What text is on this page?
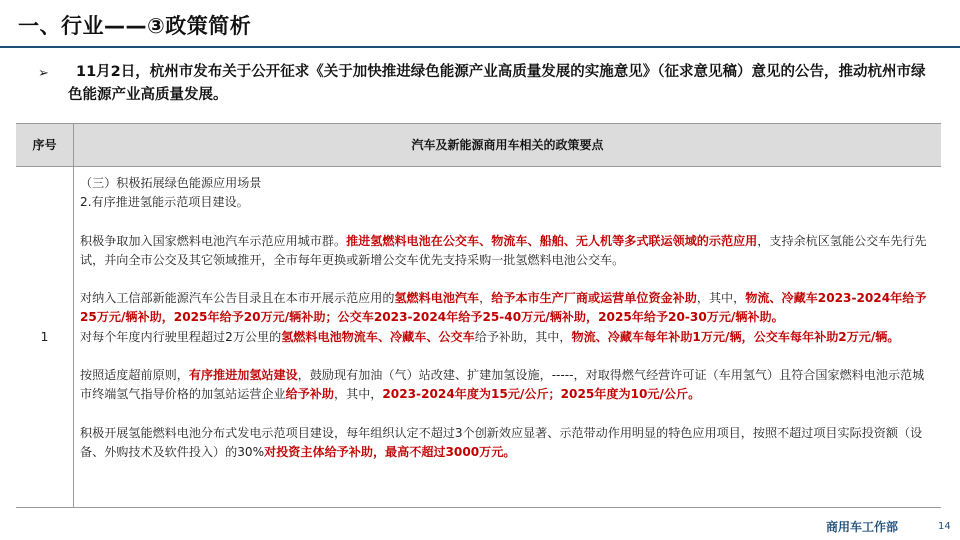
一、行业——③政策简析
➢	11月2日，杭州市发布关于公开征求《关于加快推进绿色能源产业高质量发展的实施意见》（征求意见稿）意见的公告，推动杭州市绿色能源产业高质量发展。
序号	汽车及新能源商用车相关的政策要点
1

（三）积极拓展绿色能源应用场景

2.有序推进氢能示范项目建设。

积极争取加入国家燃料电池汽车示范应用城市群。推进氢燃料电池在公交车、物流车、船舶、无人机等多式联运领域的示范应用，支持余杭区氢能公交车先行先试，并向全市公交及其它领域推开，全市每年更换或新增公交车优先支持采购一批氢燃料电池公交车。

对纳入工信部新能源汽车公告目录且在本市开展示范应用的氢燃料电池汽车，给予本市生产厂商或运营单位资金补助，其中，物流、冷藏车2023-2024年给予25万元/辆补助，2025年给予20万元/辆补助；公交车2023-2024年给予25-40万元/辆补助，2025年给予20-30万元/辆补助。

对每个年度内行驶里程超过2万公里的氢燃料电池物流车、冷藏车、公交车给予补助，其中，物流、冷藏车每年补助1万元/辆，公交车每年补助2万元/辆。

按照适度超前原则，有序推进加氢站建设，鼓励现有加油（气）站改建、扩建加氢设施，-----，对取得燃气经营许可证（车用氢气）且符合国家燃料电池示范城市终端氢气指导价格的加氢站运营企业给予补助，其中，2023-2024年度为15元/公斤；2025年度为10元/公斤。

积极开展氢能燃料电池分布式发电示范项目建设，每年组织认定不超过3个创新效应显著、示范带动作用明显的特色应用项目，按照不超过项目实际投资额（设备、外购技术及软件投入）的30%对投资主体给予补助，最高不超过3000万元。

商用车工作部	14
